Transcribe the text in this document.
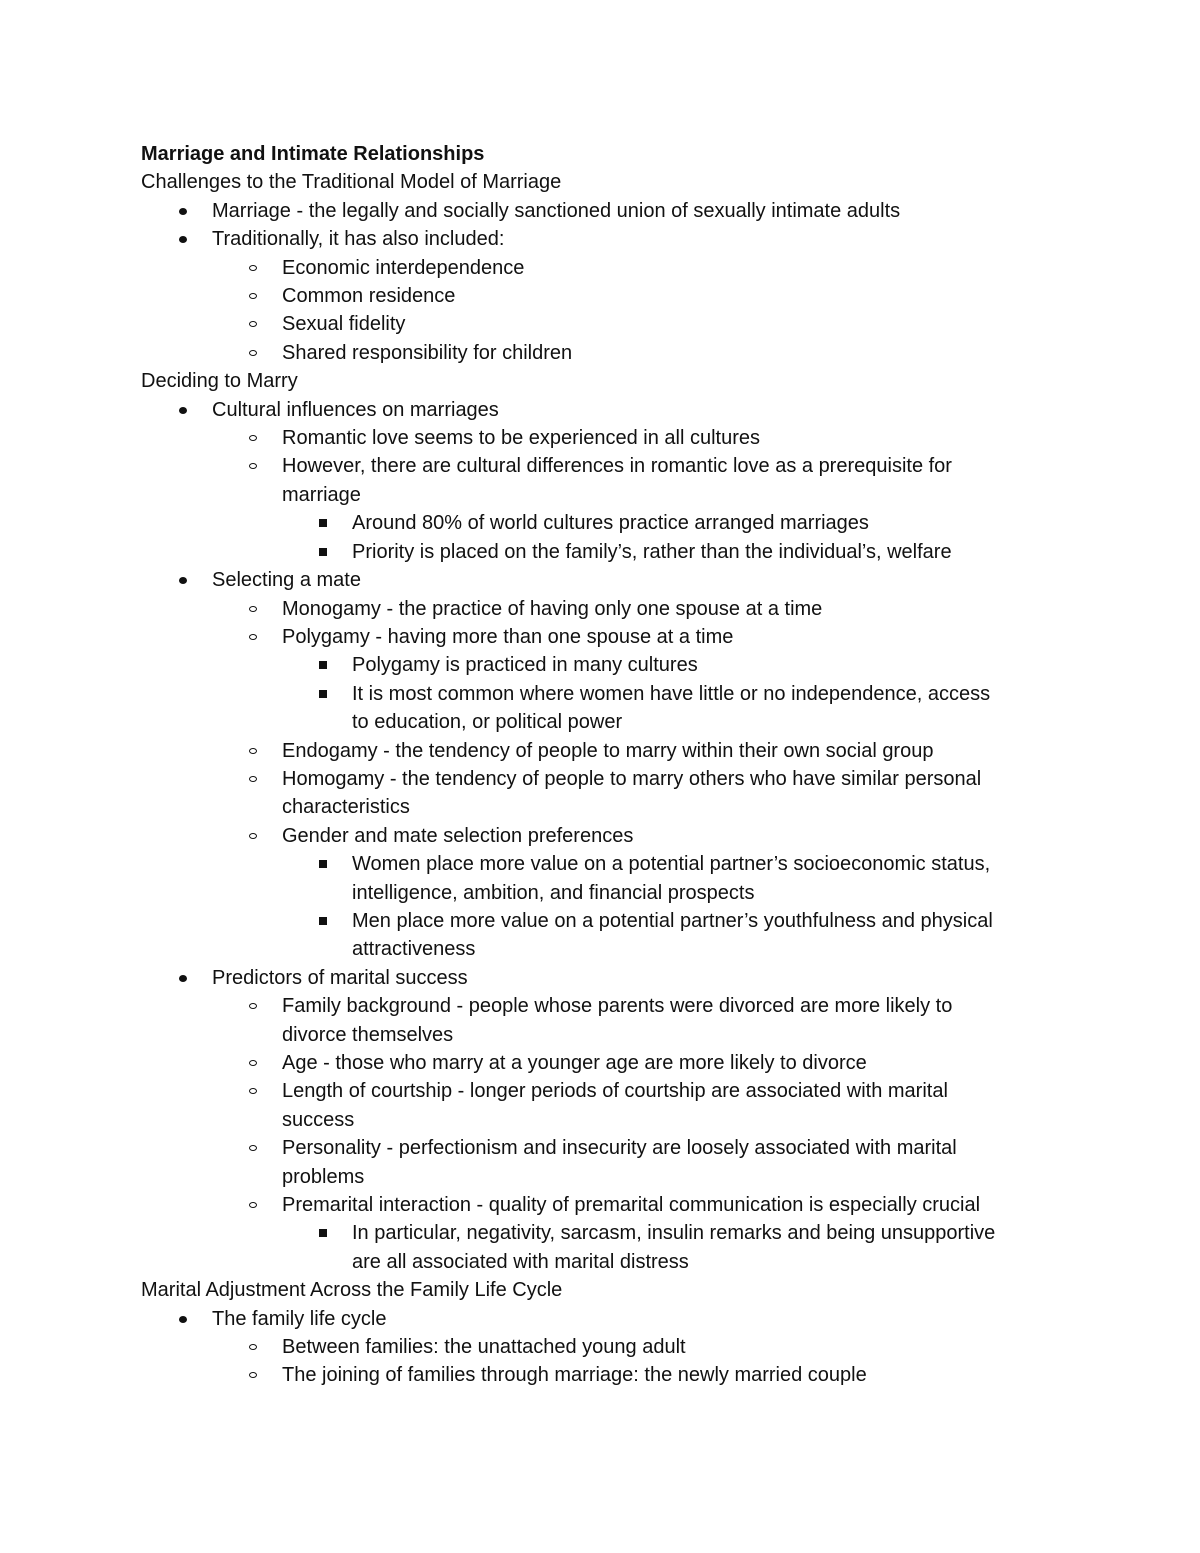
Marriage and Intimate Relationships
Challenges to the Traditional Model of Marriage
Marriage - the legally and socially sanctioned union of sexually intimate adults
Traditionally, it has also included:
Economic interdependence
Common residence
Sexual fidelity
Shared responsibility for children
Deciding to Marry
Cultural influences on marriages
Romantic love seems to be experienced in all cultures
However, there are cultural differences in romantic love as a prerequisite for
marriage
Around 80% of world cultures practice arranged marriages
Priority is placed on the family’s, rather than the individual’s, welfare
Selecting a mate
Monogamy - the practice of having only one spouse at a time
Polygamy - having more than one spouse at a time
Polygamy is practiced in many cultures
It is most common where women have little or no independence, access
to education, or political power
Endogamy - the tendency of people to marry within their own social group
Homogamy - the tendency of people to marry others who have similar personal
characteristics
Gender and mate selection preferences
Women place more value on a potential partner’s socioeconomic status,
intelligence, ambition, and financial prospects
Men place more value on a potential partner’s youthfulness and physical
attractiveness
Predictors of marital success
Family background - people whose parents were divorced are more likely to
divorce themselves
Age - those who marry at a younger age are more likely to divorce
Length of courtship - longer periods of courtship are associated with marital
success
Personality - perfectionism and insecurity are loosely associated with marital
problems
Premarital interaction - quality of premarital communication is especially crucial
In particular, negativity, sarcasm, insulin remarks and being unsupportive
are all associated with marital distress
Marital Adjustment Across the Family Life Cycle
The family life cycle
Between families: the unattached young adult
The joining of families through marriage: the newly married couple
